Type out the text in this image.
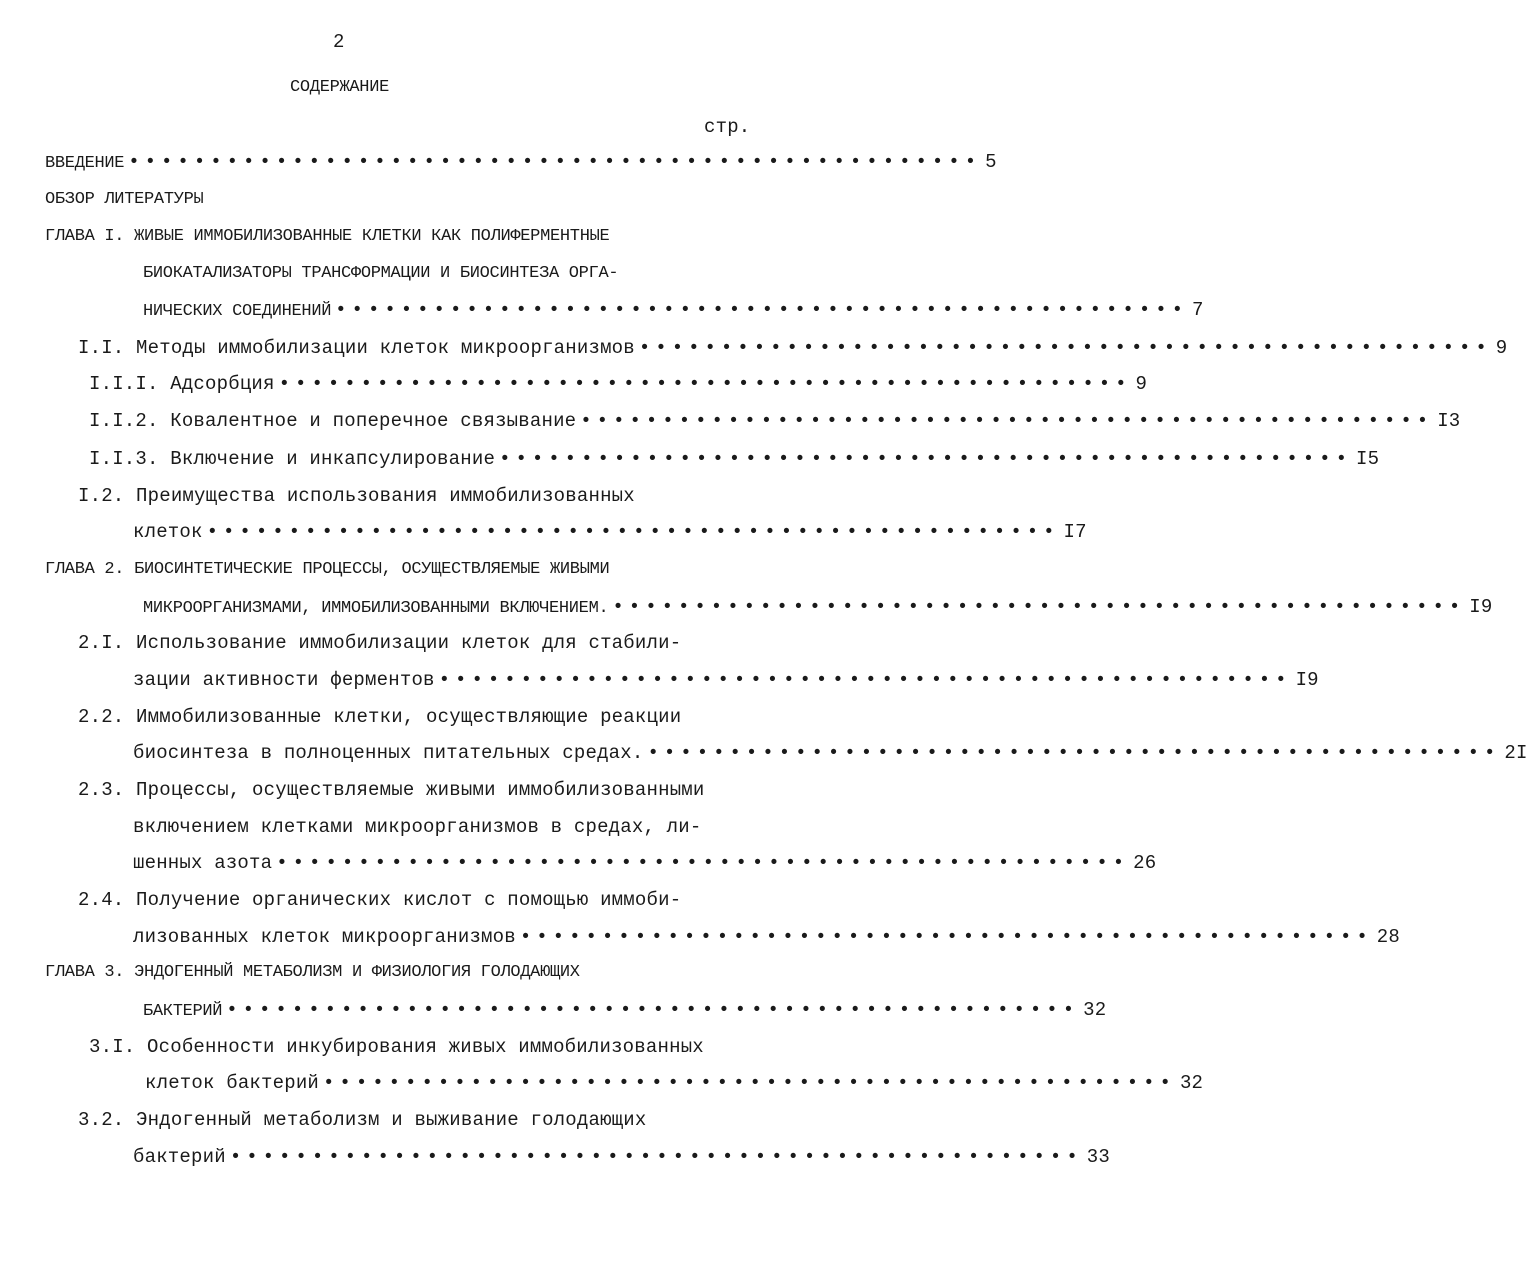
2
СОДЕРЖАНИЕ
стр.
ВВЕДЕНИЕ •••••••••••••••••••••••••••••••••••••••••••••••••••• 5
ОБЗОР ЛИТЕРАТУРЫ
ГЛАВА I. ЖИВЫЕ ИММОБИЛИЗОВАННЫЕ КЛЕТКИ КАК ПОЛИФЕРМЕНТНЫЕ
БИОКАТАЛИЗАТОРЫ ТРАНСФОРМАЦИИ И БИОСИНТЕЗА ОРГА-
НИЧЕСКИХ СОЕДИНЕНИЙ •••••••••••••••••••••••••••••••••••••••••••••••••••• 7
I.I. Методы иммобилизации клеток микроорганизмов •••••••••••••••••••••••••••••••••••••••••••••••••••• 9
I.I.I. Адсорбция •••••••••••••••••••••••••••••••••••••••••••••••••••• 9
I.I.2. Ковалентное и поперечное связывание •••••••••••••••••••••••••••••••••••••••••••••••••••• I3
I.I.3. Включение и инкапсулирование •••••••••••••••••••••••••••••••••••••••••••••••••••• I5
I.2. Преимущества использования иммобилизованных
клеток •••••••••••••••••••••••••••••••••••••••••••••••••••• I7
ГЛАВА 2. БИОСИНТЕТИЧЕСКИЕ ПРОЦЕССЫ, ОСУЩЕСТВЛЯЕМЫЕ ЖИВЫМИ
МИКРООРГАНИЗМАМИ, ИММОБИЛИЗОВАННЫМИ ВКЛЮЧЕНИЕМ. •••••••••••••••••••••••••••••••••••••••••••••••••••• I9
2.I. Использование иммобилизации клеток для стабили-
зации активности ферментов •••••••••••••••••••••••••••••••••••••••••••••••••••• I9
2.2. Иммобилизованные клетки, осуществляющие реакции
биосинтеза в полноценных питательных средах. •••••••••••••••••••••••••••••••••••••••••••••••••••• 2I
2.3. Процессы, осуществляемые живыми иммобилизованными
включением клетками микроорганизмов в средах, ли-
шенных азота •••••••••••••••••••••••••••••••••••••••••••••••••••• 26
2.4. Получение органических кислот с помощью иммоби-
лизованных клеток микроорганизмов •••••••••••••••••••••••••••••••••••••••••••••••••••• 28
ГЛАВА 3. ЭНДОГЕННЫЙ МЕТАБОЛИЗМ И ФИЗИОЛОГИЯ ГОЛОДАЮЩИХ
БАКТЕРИЙ •••••••••••••••••••••••••••••••••••••••••••••••••••• 32
3.I. Особенности инкубирования живых иммобилизованных
клеток бактерий •••••••••••••••••••••••••••••••••••••••••••••••••••• 32
3.2. Эндогенный метаболизм и выживание голодающих
бактерий •••••••••••••••••••••••••••••••••••••••••••••••••••• 33
